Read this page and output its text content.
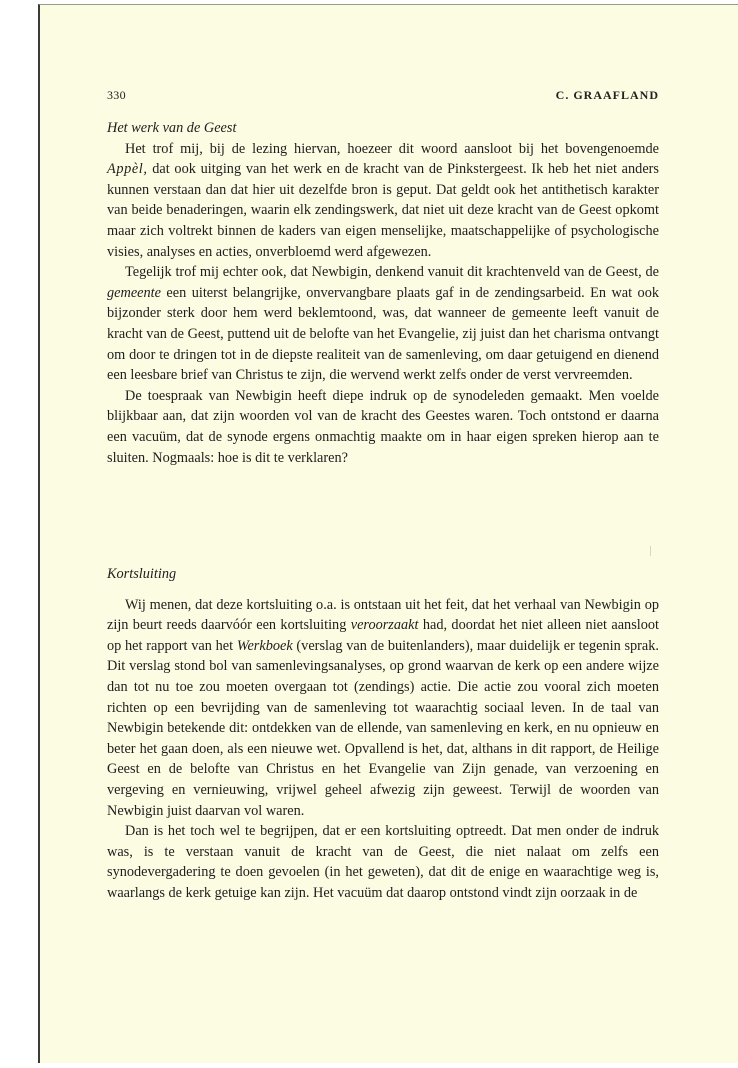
330	C. GRAAFLAND
Het werk van de Geest

Het trof mij, bij de lezing hiervan, hoezeer dit woord aansloot bij het bovengenoemde Appèl, dat ook uitging van het werk en de kracht van de Pinkstergeest. Ik heb het niet anders kunnen verstaan dan dat hier uit dezelfde bron is geput. Dat geldt ook het antithetisch karakter van beide benaderingen, waarin elk zendingswerk, dat niet uit deze kracht van de Geest opkomt maar zich voltrekt binnen de kaders van eigen menselijke, maatschappelijke of psychologische visies, analyses en acties, onverbloemd werd afgewezen.

Tegelijk trof mij echter ook, dat Newbigin, denkend vanuit dit krachtenveld van de Geest, de gemeente een uiterst belangrijke, onvervangbare plaats gaf in de zendingsarbeid. En wat ook bijzonder sterk door hem werd beklemtoond, was, dat wanneer de gemeente leeft vanuit de kracht van de Geest, puttend uit de belofte van het Evangelie, zij juist dan het charisma ontvangt om door te dringen tot in de diepste realiteit van de samenleving, om daar getuigend en dienend een leesbare brief van Christus te zijn, die wervend werkt zelfs onder de verst vervreemden.

De toespraak van Newbigin heeft diepe indruk op de synodeleden gemaakt. Men voelde blijkbaar aan, dat zijn woorden vol van de kracht des Geestes waren. Toch ontstond er daarna een vacuüm, dat de synode ergens onmachtig maakte om in haar eigen spreken hierop aan te sluiten. Nogmaals: hoe is dit te verklaren?

Kortsluiting

Wij menen, dat deze kortsluiting o.a. is ontstaan uit het feit, dat het verhaal van Newbigin op zijn beurt reeds daarvóór een kortsluiting veroorzaakt had, doordat het niet alleen niet aansloot op het rapport van het Werkboek (verslag van de buitenlanders), maar duidelijk er tegenin sprak. Dit verslag stond bol van samenlevingsanalyses, op grond waarvan de kerk op een andere wijze dan tot nu toe zou moeten overgaan tot (zendings) actie. Die actie zou vooral zich moeten richten op een bevrijding van de samenleving tot waarachtig sociaal leven. In de taal van Newbigin betekende dit: ontdekken van de ellende, van samenleving en kerk, en nu opnieuw en beter het gaan doen, als een nieuwe wet. Opvallend is het, dat, althans in dit rapport, de Heilige Geest en de belofte van Christus en het Evangelie van Zijn genade, van verzoening en vergeving en vernieuwing, vrijwel geheel afwezig zijn geweest. Terwijl de woorden van Newbigin juist daarvan vol waren.

Dan is het toch wel te begrijpen, dat er een kortsluiting optreedt. Dat men onder de indruk was, is te verstaan vanuit de kracht van de Geest, die niet nalaat om zelfs een synodevergadering te doen gevoelen (in het geweten), dat dit de enige en waarachtige weg is, waarlangs de kerk getuige kan zijn. Het vacuüm dat daarop ontstond vindt zijn oorzaak in de
